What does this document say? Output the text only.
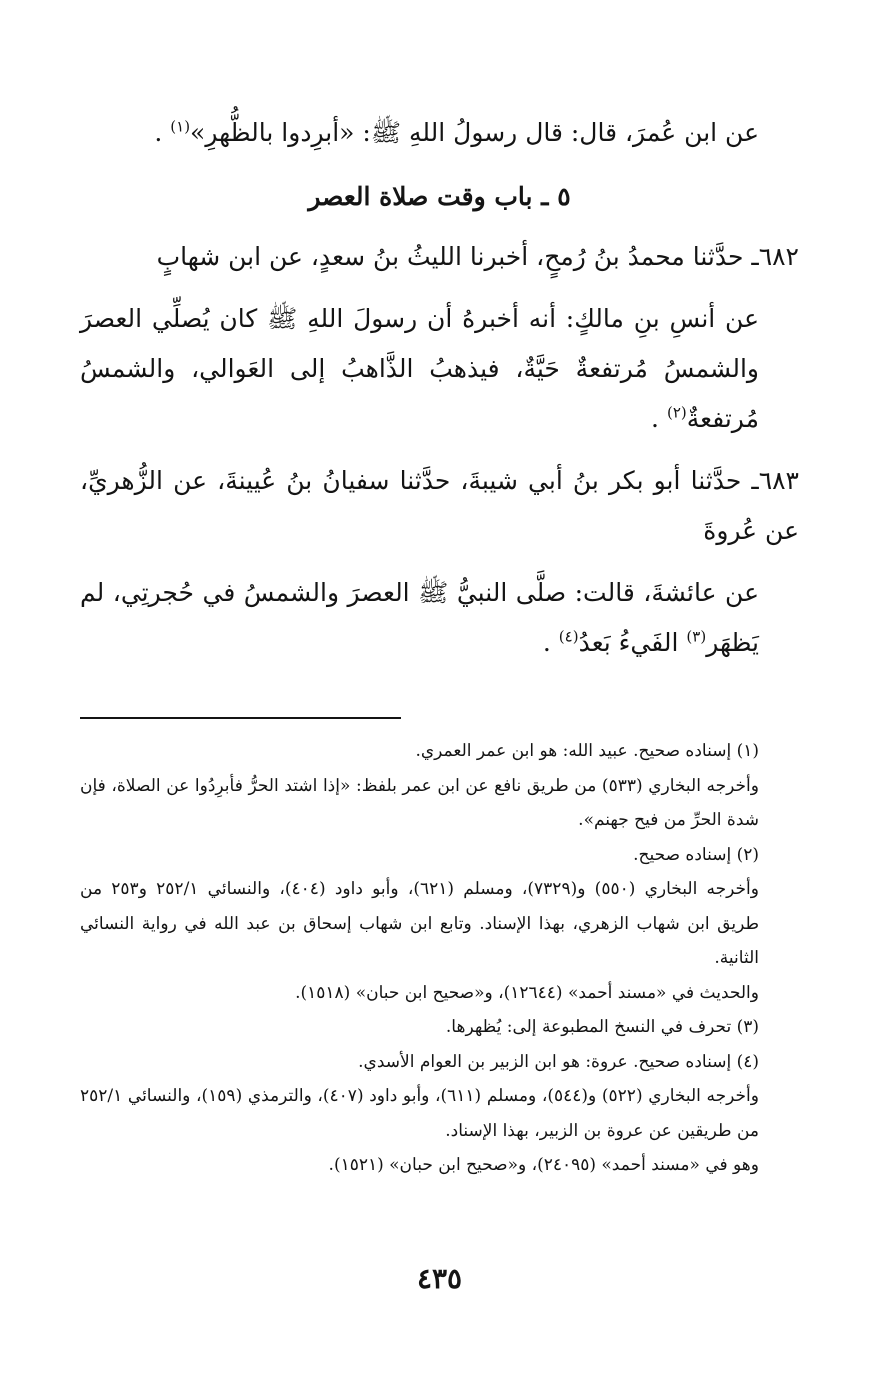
عن ابن عُمرَ، قال: قال رسولُ اللهِ ﷺ: «أبرِدوا بالظُّهرِ»$^{(١)}$ .

٥ ـ باب وقت صلاة العصر

٦٨٢ـ حدَّثنا محمدُ بنُ رُمحٍ، أخبرنا الليثُ بنُ سعدٍ، عن ابن شهابٍ

عن أنسِ بنِ مالكٍ: أنه أخبرهُ أن رسولَ اللهِ ﷺ كان يُصلِّي العصرَ والشمسُ مُرتفعةٌ حَيَّةٌ، فيذهبُ الذَّاهبُ إلى العَوالي، والشمسُ مُرتفعةٌ$^{(٢)}$ .

٦٨٣ـ حدَّثنا أبو بكر بنُ أبي شيبةَ، حدَّثنا سفيانُ بنُ عُيينةَ، عن الزُّهريِّ، عن عُروةَ

عن عائشةَ، قالت: صلَّى النبيُّ ﷺ العصرَ والشمسُ في حُجرتِي، لم يَظهَر$^{(٣)}$ الفَيءُ بَعدُ$^{(٤)}$ .

(١) إسناده صحيح. عبيد الله: هو ابن عمر العمري.

وأخرجه البخاري (٥٣٣) من طريق نافع عن ابن عمر بلفظ: «إذا اشتد الحرُّ فأبرِدُوا عن الصلاة، فإن شدة الحرِّ من فيح جهنم».

(٢) إسناده صحيح.

وأخرجه البخاري (٥٥٠) و(٧٣٢٩)، ومسلم (٦٢١)، وأبو داود (٤٠٤)، والنسائي ٢٥٢/١ و٢٥٣ من طريق ابن شهاب الزهري، بهذا الإسناد. وتابع ابن شهاب إسحاق بن عبد الله في رواية النسائي الثانية.

والحديث في «مسند أحمد» (١٢٦٤٤)، و«صحيح ابن حبان» (١٥١٨).

(٣) تحرف في النسخ المطبوعة إلى: يُظهرها.

(٤) إسناده صحيح. عروة: هو ابن الزبير بن العوام الأسدي.

وأخرجه البخاري (٥٢٢) و(٥٤٤)، ومسلم (٦١١)، وأبو داود (٤٠٧)، والترمذي (١٥٩)، والنسائي ٢٥٢/١ من طريقين عن عروة بن الزبير، بهذا الإسناد.

وهو في «مسند أحمد» (٢٤٠٩٥)، و«صحيح ابن حبان» (١٥٢١).

٤٣٥
